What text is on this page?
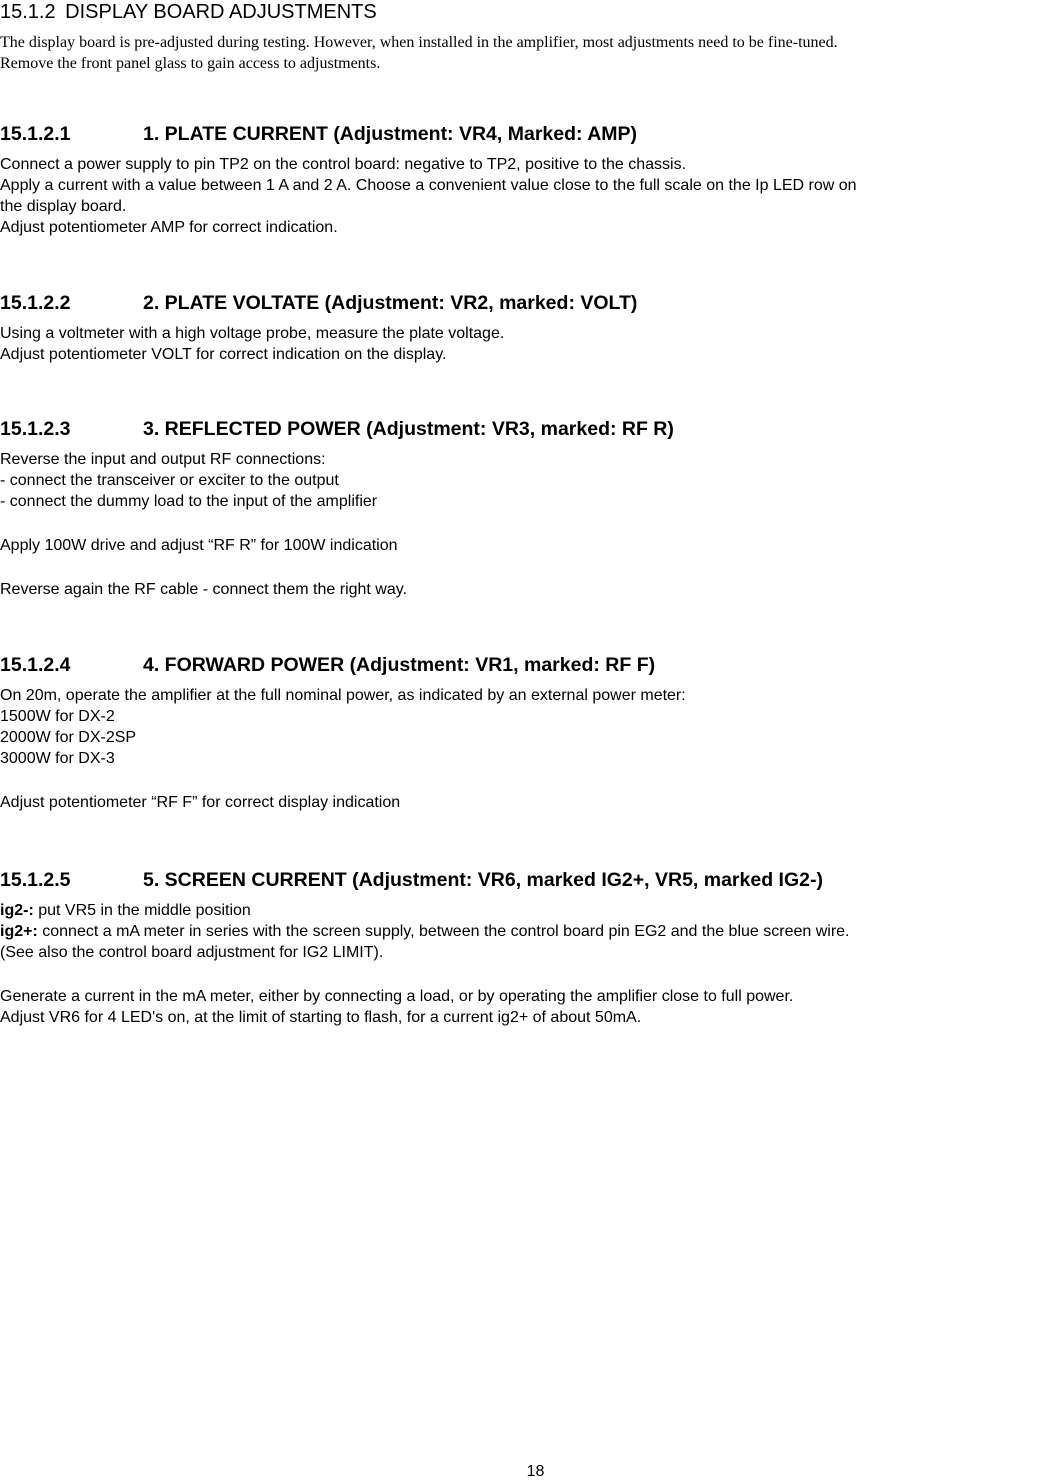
15.1.2 DISPLAY BOARD ADJUSTMENTS
The display board is pre-adjusted during testing. However, when installed in the amplifier, most adjustments need to be fine-tuned.
Remove the front panel glass to gain access to adjustments.
15.1.2.1	1. PLATE CURRENT (Adjustment: VR4, Marked: AMP)
Connect a power supply to pin TP2 on the control board: negative to TP2, positive to the chassis.
Apply a current with a value between 1 A and 2 A. Choose a convenient value close to the full scale on the Ip LED row on
the display board.
Adjust potentiometer AMP for correct indication.
15.1.2.2	2. PLATE VOLTATE (Adjustment: VR2, marked: VOLT)
Using a voltmeter with a high voltage probe, measure the plate voltage.
Adjust potentiometer VOLT for correct indication on the display.
15.1.2.3	3. REFLECTED POWER (Adjustment: VR3, marked: RF R)
Reverse the input and output RF connections:
- connect the transceiver or exciter to the output
- connect the dummy load to the input of the amplifier
Apply 100W drive and adjust “RF R” for 100W indication
Reverse again the RF cable - connect them the right way.
15.1.2.4	4. FORWARD POWER (Adjustment: VR1, marked: RF F)
On 20m, operate the amplifier at the full nominal power, as indicated by an external power meter:
1500W for DX-2
2000W for DX-2SP
3000W for DX-3
Adjust potentiometer “RF F” for correct display indication
15.1.2.5	5. SCREEN CURRENT (Adjustment: VR6, marked IG2+, VR5, marked IG2-)
ig2-: put VR5 in the middle position
ig2+: connect a mA meter in series with the screen supply, between the control board pin EG2 and the blue screen wire.
(See also the control board adjustment for IG2 LIMIT).
Generate a current in the mA meter, either by connecting a load, or by operating the amplifier close to full power.
Adjust VR6 for 4 LED's on, at the limit of starting to flash, for a current ig2+ of about 50mA.
18
